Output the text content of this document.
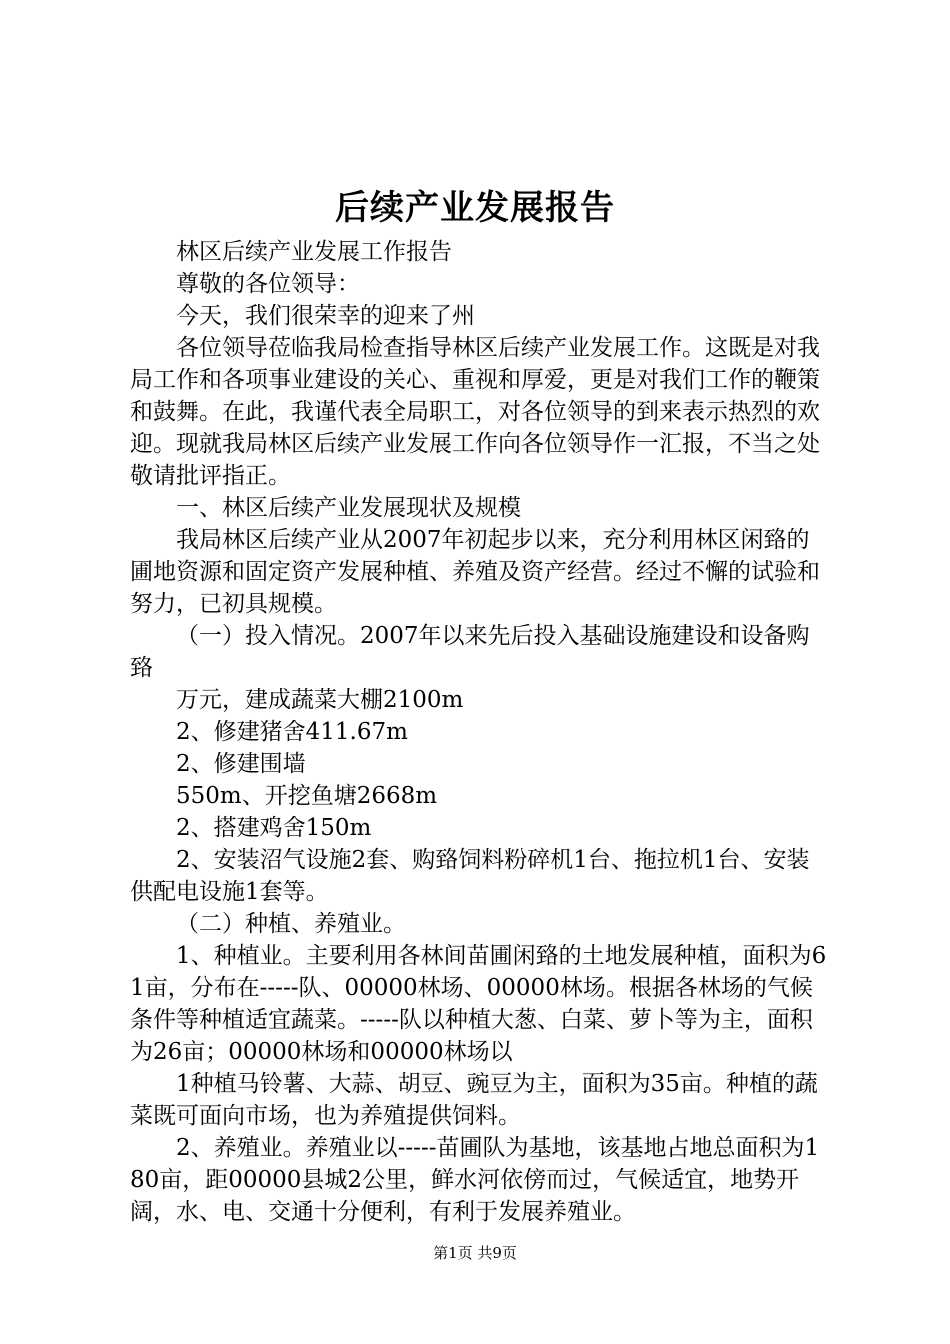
后续产业发展报告

林区后续产业发展工作报告

尊敬的各位领导：

今天，我们很荣幸的迎来了州

各位领导莅临我局检查指导林区后续产业发展工作。这既是对我局工作和各项事业建设的关心、重视和厚爱，更是对我们工作的鞭策和鼓舞。在此，我谨代表全局职工，对各位领导的到来表示热烈的欢迎。现就我局林区后续产业发展工作向各位领导作一汇报，不当之处敬请批评指正。

一、林区后续产业发展现状及规模

我局林区后续产业从2007年初起步以来，充分利用林区闲臵的圃地资源和固定资产发展种植、养殖及资产经营。经过不懈的试验和努力，已初具规模。

（一）投入情况。2007年以来先后投入基础设施建设和设备购臵

万元，建成蔬菜大棚2100m

2、修建猪舍411.67m

2、修建围墙

550m、开挖鱼塘2668m

2、搭建鸡舍150m

2、安装沼气设施2套、购臵饲料粉碎机1台、拖拉机1台、安装供配电设施1套等。

（二）种植、养殖业。

1、种植业。主要利用各林间苗圃闲臵的土地发展种植，面积为61亩，分布在-----队、00000林场、00000林场。根据各林场的气候条件等种植适宜蔬菜。-----队以种植大葱、白菜、萝卜等为主，面积为26亩；00000林场和00000林场以

1种植马铃薯、大蒜、胡豆、豌豆为主，面积为35亩。种植的蔬菜既可面向市场，也为养殖提供饲料。

2、养殖业。养殖业以-----苗圃队为基地，该基地占地总面积为180亩，距00000县城2公里，鲜水河依傍而过，气候适宜，地势开阔，水、电、交通十分便利，有利于发展养殖业。

第1页 共9页
